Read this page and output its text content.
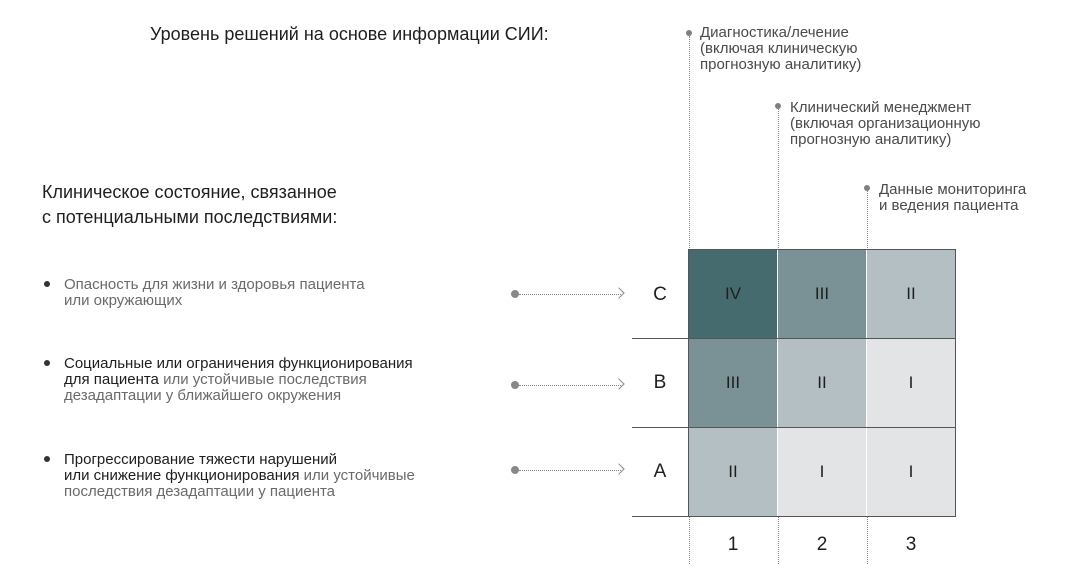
Уровень решений на основе информации СИИ:	Диагностика/лечение
(включая клиническую
прогнозную аналитику)
Клинический менеджмент
(включая организационную
прогнозную аналитику)
Данные мониторинга
и ведения пациента
Клиническое состояние, связанное
с потенциальными последствиями:
Опасность для жизни и здоровья пациента
или окружающих
Социальные или ограничения функционирования
для пациента или устойчивые последствия
дезадаптации у ближайшего окружения
Прогрессирование тяжести нарушений
или снижение функционирования или устойчивые
последствия дезадаптации у пациента
C
B
A
IV	III	II
III	II	I
II	I	I
1	2	3
